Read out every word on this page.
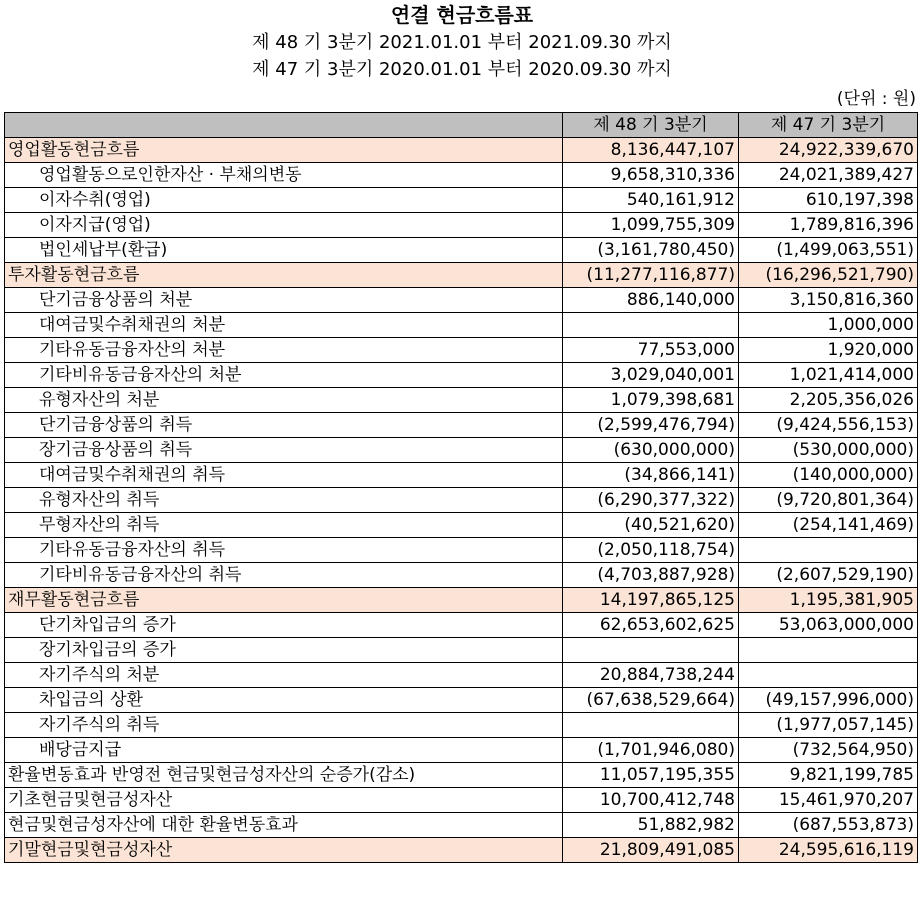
연결 현금흐름표
제 48 기 3분기 2021.01.01 부터 2021.09.30 까지
제 47 기 3분기 2020.01.01 부터 2020.09.30 까지
(단위 : 원)
	제 48 기 3분기	제 47 기 3분기
영업활동현금흐름	8,136,447,107	24,922,339,670
영업활동으로인한자산 · 부채의변동	9,658,310,336	24,021,389,427
이자수취(영업)	540,161,912	610,197,398
이자지급(영업)	1,099,755,309	1,789,816,396
법인세납부(환급)	(3,161,780,450)	(1,499,063,551)
투자활동현금흐름	(11,277,116,877)	(16,296,521,790)
단기금융상품의 처분	886,140,000	3,150,816,360
대여금및수취채권의 처분		1,000,000
기타유동금융자산의 처분	77,553,000	1,920,000
기타비유동금융자산의 처분	3,029,040,001	1,021,414,000
유형자산의 처분	1,079,398,681	2,205,356,026
단기금융상품의 취득	(2,599,476,794)	(9,424,556,153)
장기금융상품의 취득	(630,000,000)	(530,000,000)
대여금및수취채권의 취득	(34,866,141)	(140,000,000)
유형자산의 취득	(6,290,377,322)	(9,720,801,364)
무형자산의 취득	(40,521,620)	(254,141,469)
기타유동금융자산의 취득	(2,050,118,754)	
기타비유동금융자산의 취득	(4,703,887,928)	(2,607,529,190)
재무활동현금흐름	14,197,865,125	1,195,381,905
단기차입금의 증가	62,653,602,625	53,063,000,000
장기차입금의 증가		
자기주식의 처분	20,884,738,244	
차입금의 상환	(67,638,529,664)	(49,157,996,000)
자기주식의 취득		(1,977,057,145)
배당금지급	(1,701,946,080)	(732,564,950)
환율변동효과 반영전 현금및현금성자산의 순증가(감소)	11,057,195,355	9,821,199,785
기초현금및현금성자산	10,700,412,748	15,461,970,207
현금및현금성자산에 대한 환율변동효과	51,882,982	(687,553,873)
기말현금및현금성자산	21,809,491,085	24,595,616,119
